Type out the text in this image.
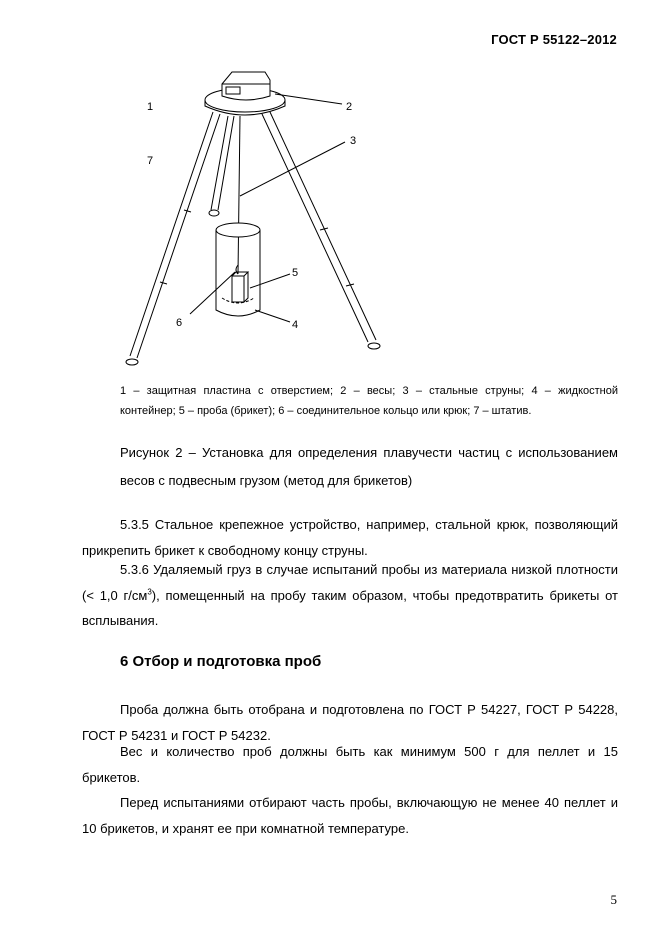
ГОСТ Р 55122–2012
1	2
3
4
5
6
7
1 – защитная пластина с отверстием; 2 – весы; 3 – стальные струны; 4 – жидкостной
контейнер; 5 – проба (брикет); 6 – соединительное кольцо или крюк; 7 – штатив.
Рисунок 2 – Установка для определения плавучести частиц с использованием весов с подвесным грузом (метод для брикетов)
5.3.5 Стальное крепежное устройство, например, стальной крюк, позволяющий прикрепить брикет к свободному концу струны.
5.3.6 Удаляемый груз в случае испытаний пробы из материала низкой плотности (< 1,0 $г/см^3$), помещенный на пробу таким образом, чтобы предотвратить брикеты от всплывания.
6 Отбор и подготовка проб
Проба должна быть отобрана и подготовлена по ГОСТ Р 54227, ГОСТ Р 54228, ГОСТ Р 54231 и ГОСТ Р 54232.
Вес и количество проб должны быть как минимум 500 г для пеллет и 15 брикетов.
Перед испытаниями отбирают часть пробы, включающую не менее 40 пеллет и 10 брикетов, и хранят ее при комнатной температуре.
5
